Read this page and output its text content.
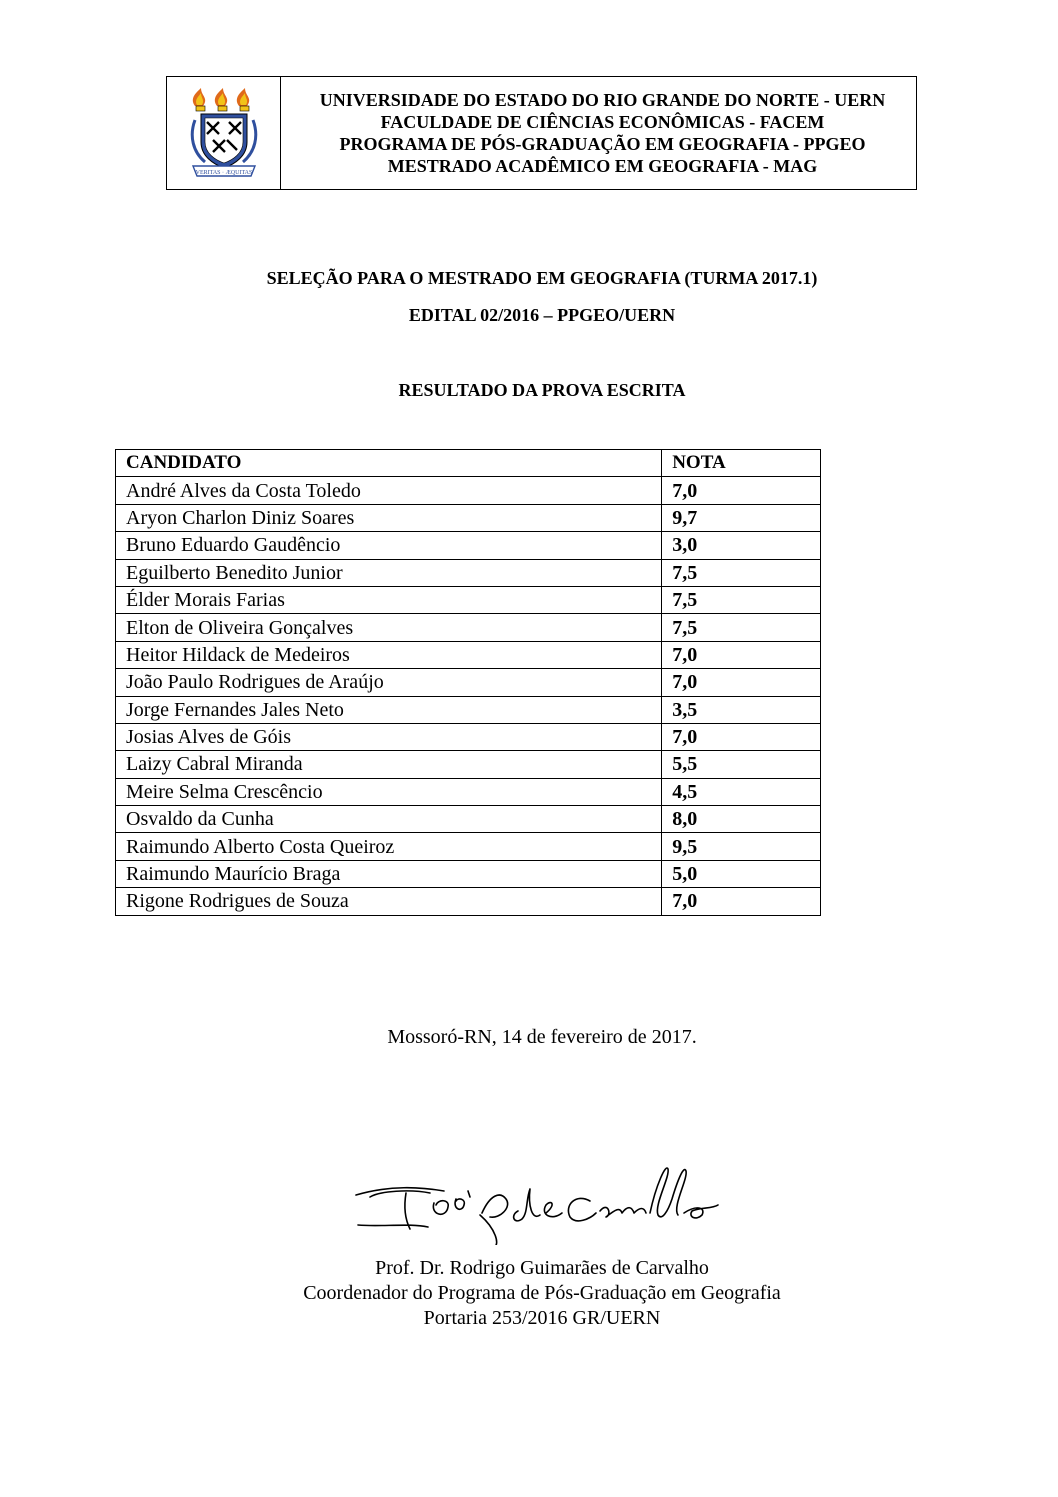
VERITAS · ÆQUITAS
UNIVERSIDADE DO ESTADO DO RIO GRANDE DO NORTE - UERN
FACULDADE DE CIÊNCIAS ECONÔMICAS - FACEM
PROGRAMA DE PÓS-GRADUAÇÃO EM GEOGRAFIA - PPGEO
MESTRADO ACADÊMICO EM GEOGRAFIA - MAG
SELEÇÃO PARA O MESTRADO EM GEOGRAFIA (TURMA 2017.1)
EDITAL 02/2016 – PPGEO/UERN
RESULTADO DA PROVA ESCRITA
CANDIDATO	NOTA
André Alves da Costa Toledo	7,0
Aryon Charlon Diniz Soares	9,7
Bruno Eduardo Gaudêncio	3,0
Eguilberto Benedito Junior	7,5
Élder Morais Farias	7,5
Elton de Oliveira Gonçalves	7,5
Heitor Hildack de Medeiros	7,0
João Paulo Rodrigues de Araújo	7,0
Jorge Fernandes Jales Neto	3,5
Josias Alves de Góis	7,0
Laizy Cabral Miranda	5,5
Meire Selma Crescêncio	4,5
Osvaldo da Cunha	8,0
Raimundo Alberto Costa Queiroz	9,5
Raimundo Maurício Braga	5,0
Rigone Rodrigues de Souza	7,0
Mossoró-RN, 14 de fevereiro de 2017.
Prof. Dr. Rodrigo Guimarães de Carvalho
Coordenador do Programa de Pós-Graduação em Geografia
Portaria 253/2016 GR/UERN
